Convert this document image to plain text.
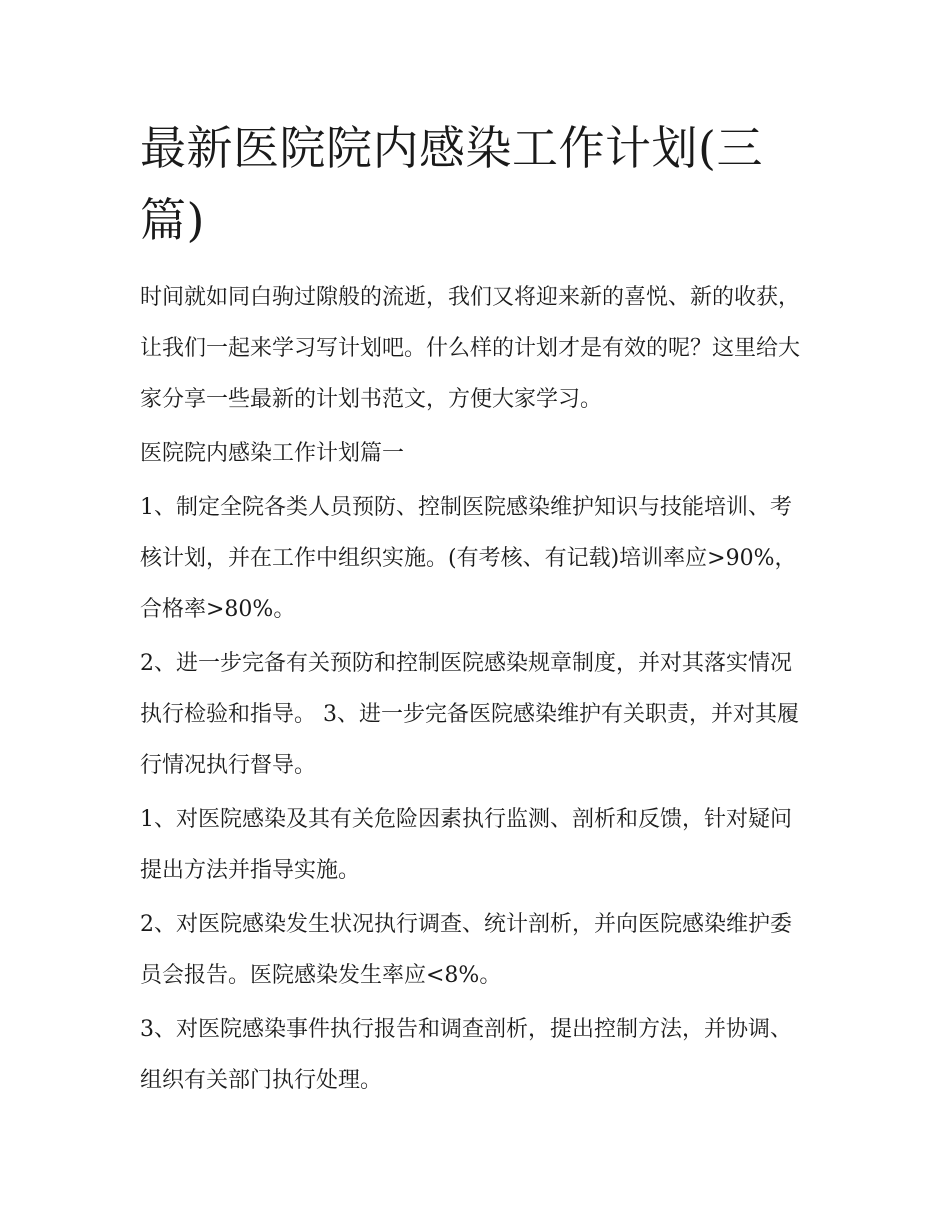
最新医院院内感染工作计划(三篇)

时间就如同白驹过隙般的流逝，我们又将迎来新的喜悦、新的收获，让我们一起来学习写计划吧。什么样的计划才是有效的呢？这里给大家分享一些最新的计划书范文，方便大家学习。

医院院内感染工作计划篇一

1、制定全院各类人员预防、控制医院感染维护知识与技能培训、考核计划，并在工作中组织实施。(有考核、有记载)培训率应>90%，合格率>80%。

2、进一步完备有关预防和控制医院感染规章制度，并对其落实情况执行检验和指导。 3、进一步完备医院感染维护有关职责，并对其履行情况执行督导。

1、对医院感染及其有关危险因素执行监测、剖析和反馈，针对疑问提出方法并指导实施。

2、对医院感染发生状况执行调查、统计剖析，并向医院感染维护委员会报告。医院感染发生率应<8%。

3、对医院感染事件执行报告和调查剖析，提出控制方法，并协调、组织有关部门执行处理。
